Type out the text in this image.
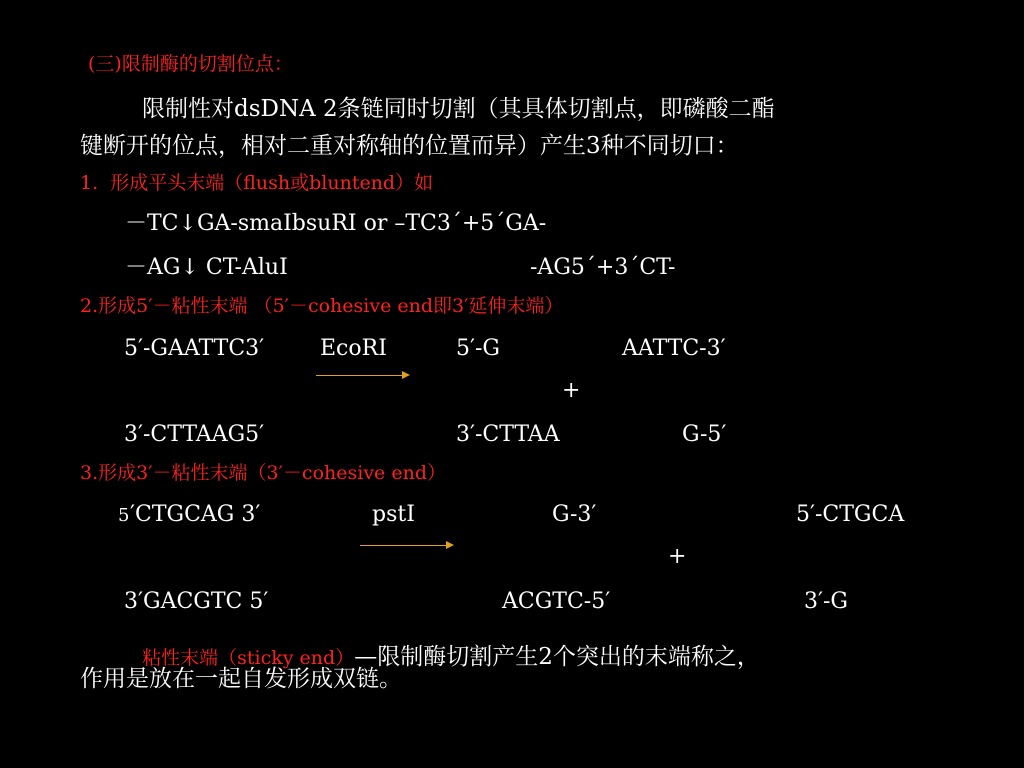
(三)限制酶的切割位点：
限制性对dsDNA 2条链同时切割（其具体切割点，即磷酸二酯
键断开的位点，相对二重对称轴的位置而异）产生3种不同切口：
1.  形成平头末端（flush或bluntend）如
－TC↓GA-smaⅠbsuRⅠ or –TC3´+5´GA-
－AG↓ CT-AluⅠ	-AG5´+3´CT-
2.形成5′－粘性末端 （5′－cohesive end即3′延伸末端）
5′-GAATTC3′	EcoRⅠ	5′-G	AATTC-3′
+
3′-CTTAAG5′	3′-CTTAA	G-5′
3.形成3′－粘性末端（3′－cohesive end）
5 ′CTGCAG 3′	pstⅠ	G-3′	5′-CTGCA
+
3′GACGTC 5′	ACGTC-5′	3′-G

粘性末端（sticky end）—限制酶切割产生2个突出的末端称之，

作用是放在一起自发形成双链。
